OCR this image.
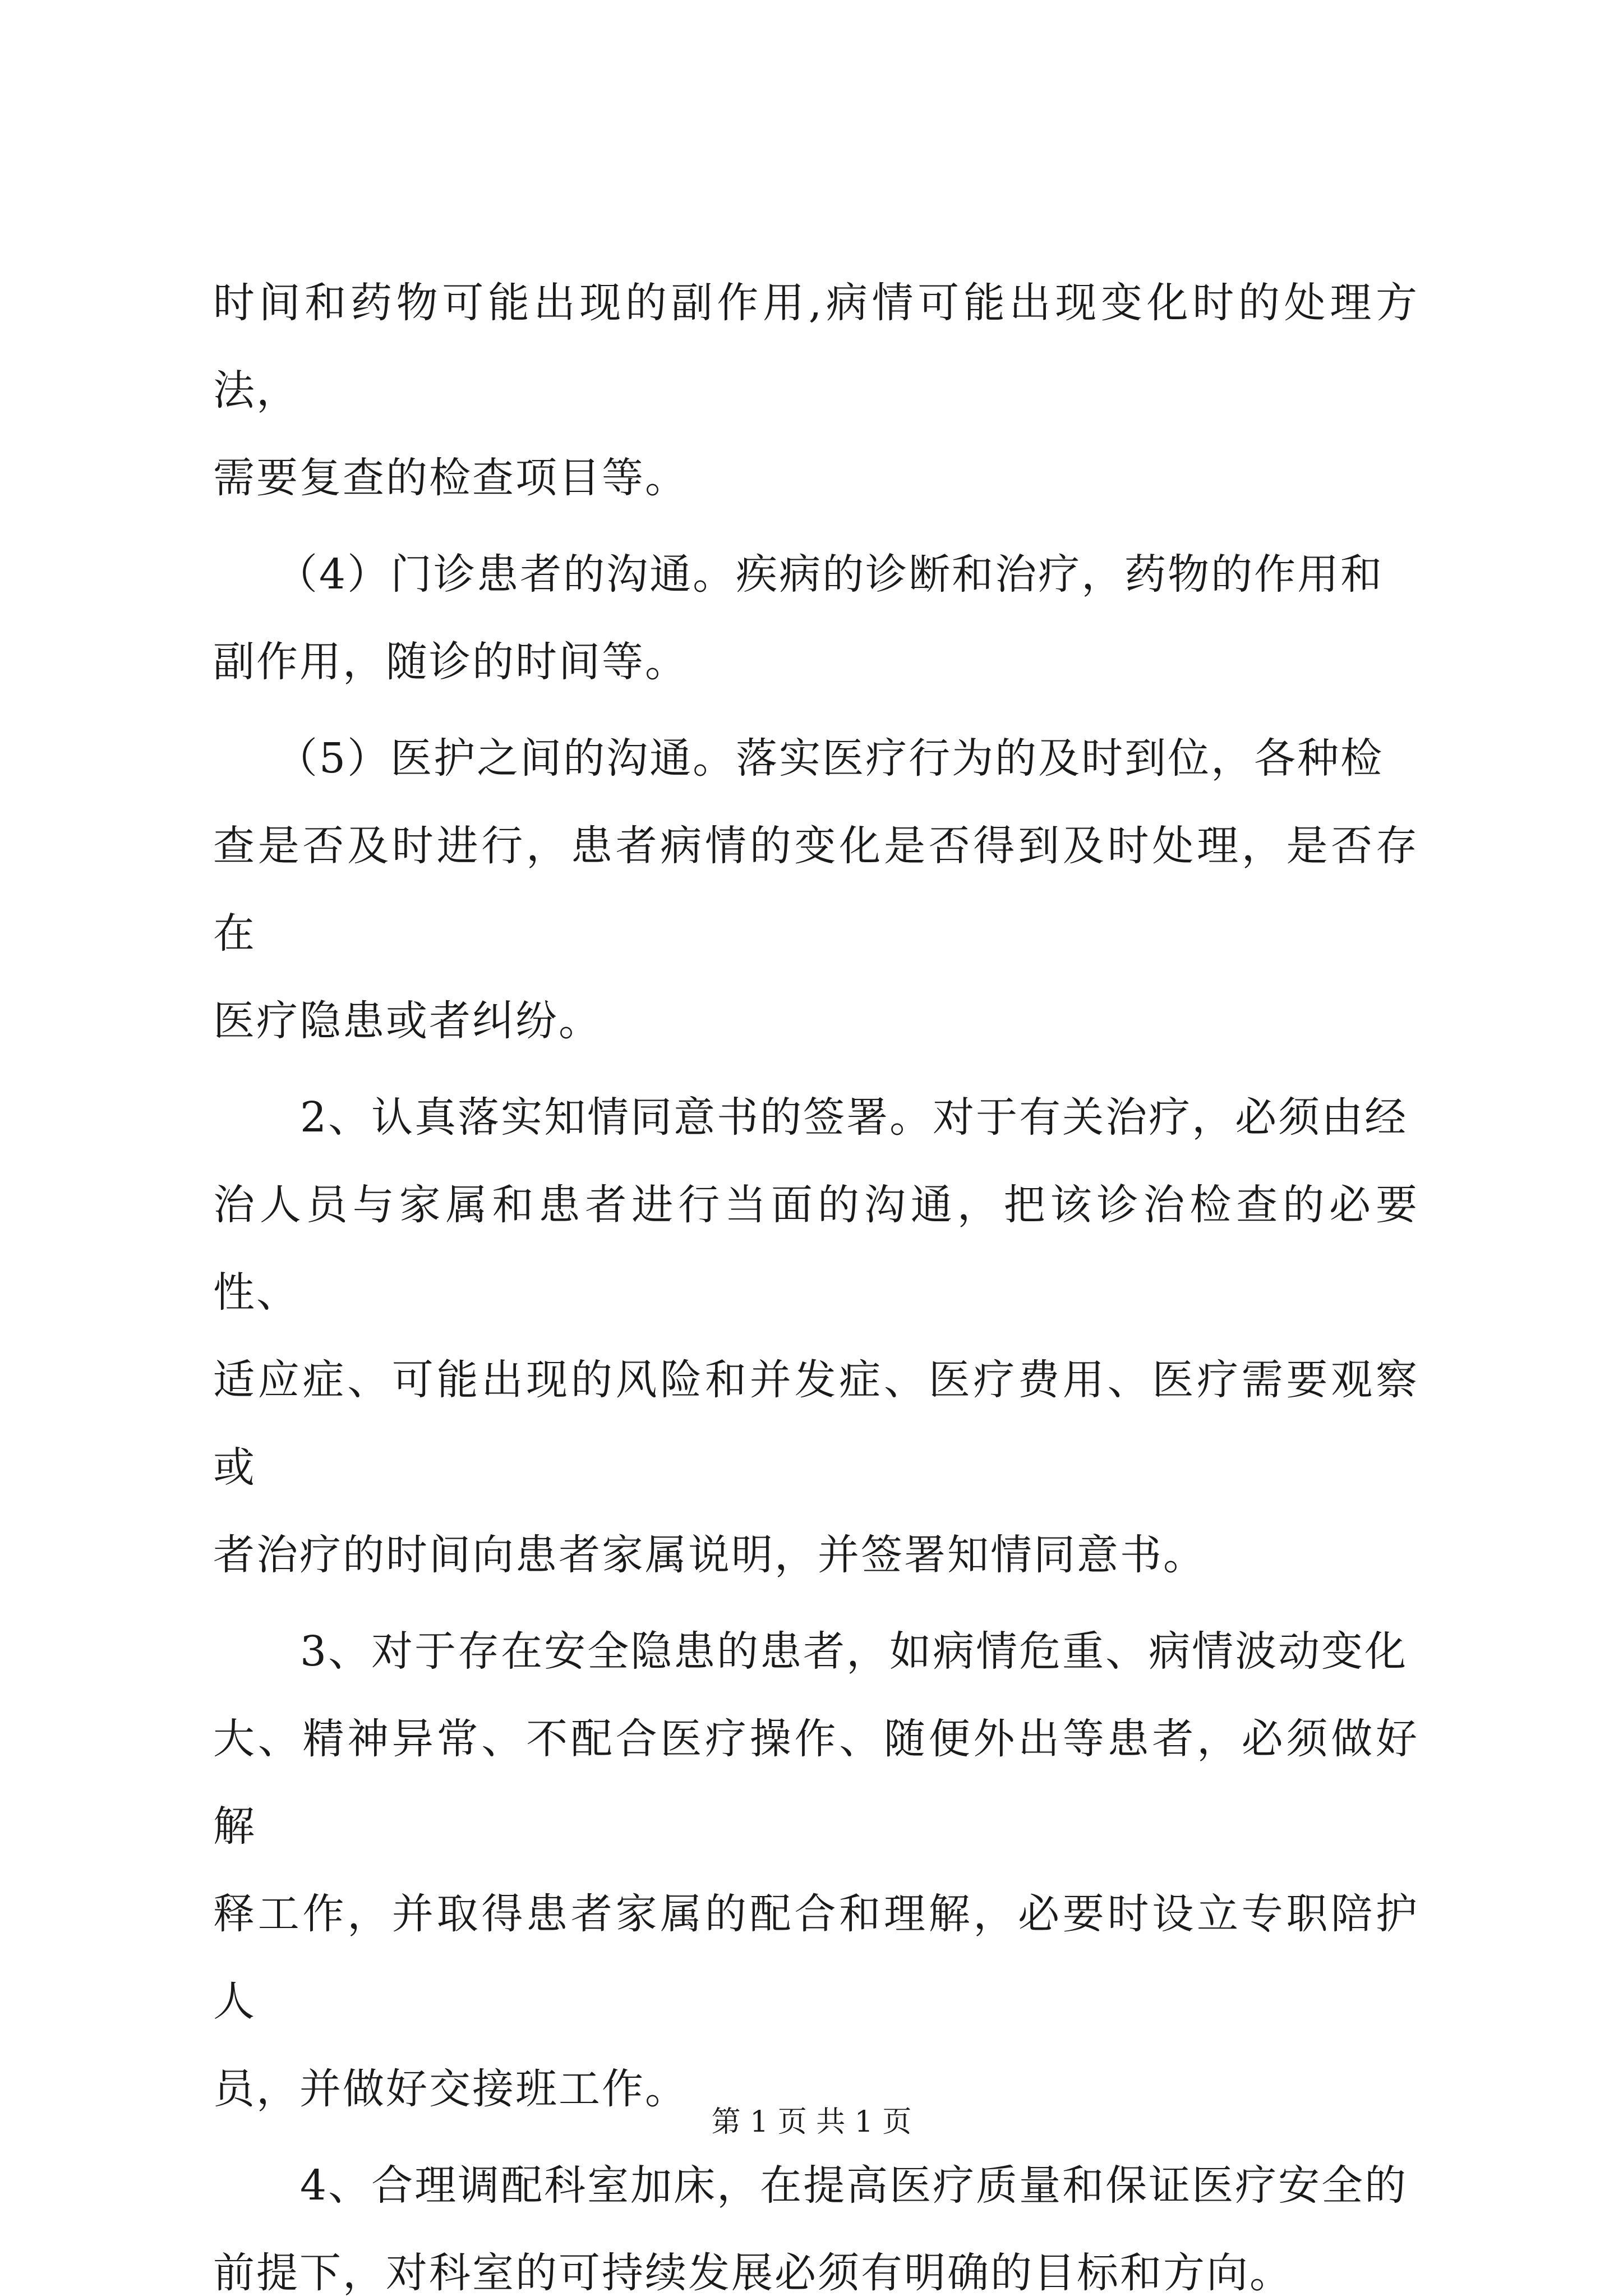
时间和药物可能出现的副作用,病情可能出现变化时的处理方法，
需要复查的检查项目等。

（4）门诊患者的沟通。疾病的诊断和治疗，药物的作用和
副作用，随诊的时间等。

（5）医护之间的沟通。落实医疗行为的及时到位，各种检
查是否及时进行，患者病情的变化是否得到及时处理，是否存在
医疗隐患或者纠纷。

2、认真落实知情同意书的签署。对于有关治疗，必须由经
治人员与家属和患者进行当面的沟通，把该诊治检查的必要性、
适应症、可能出现的风险和并发症、医疗费用、医疗需要观察或
者治疗的时间向患者家属说明，并签署知情同意书。

3、对于存在安全隐患的患者，如病情危重、病情波动变化
大、精神异常、不配合医疗操作、随便外出等患者，必须做好解
释工作，并取得患者家属的配合和理解，必要时设立专职陪护人
员，并做好交接班工作。

4、合理调配科室加床，在提高医疗质量和保证医疗安全的
前提下，对科室的可持续发展必须有明确的目标和方向。

第 1 页 共 1 页
